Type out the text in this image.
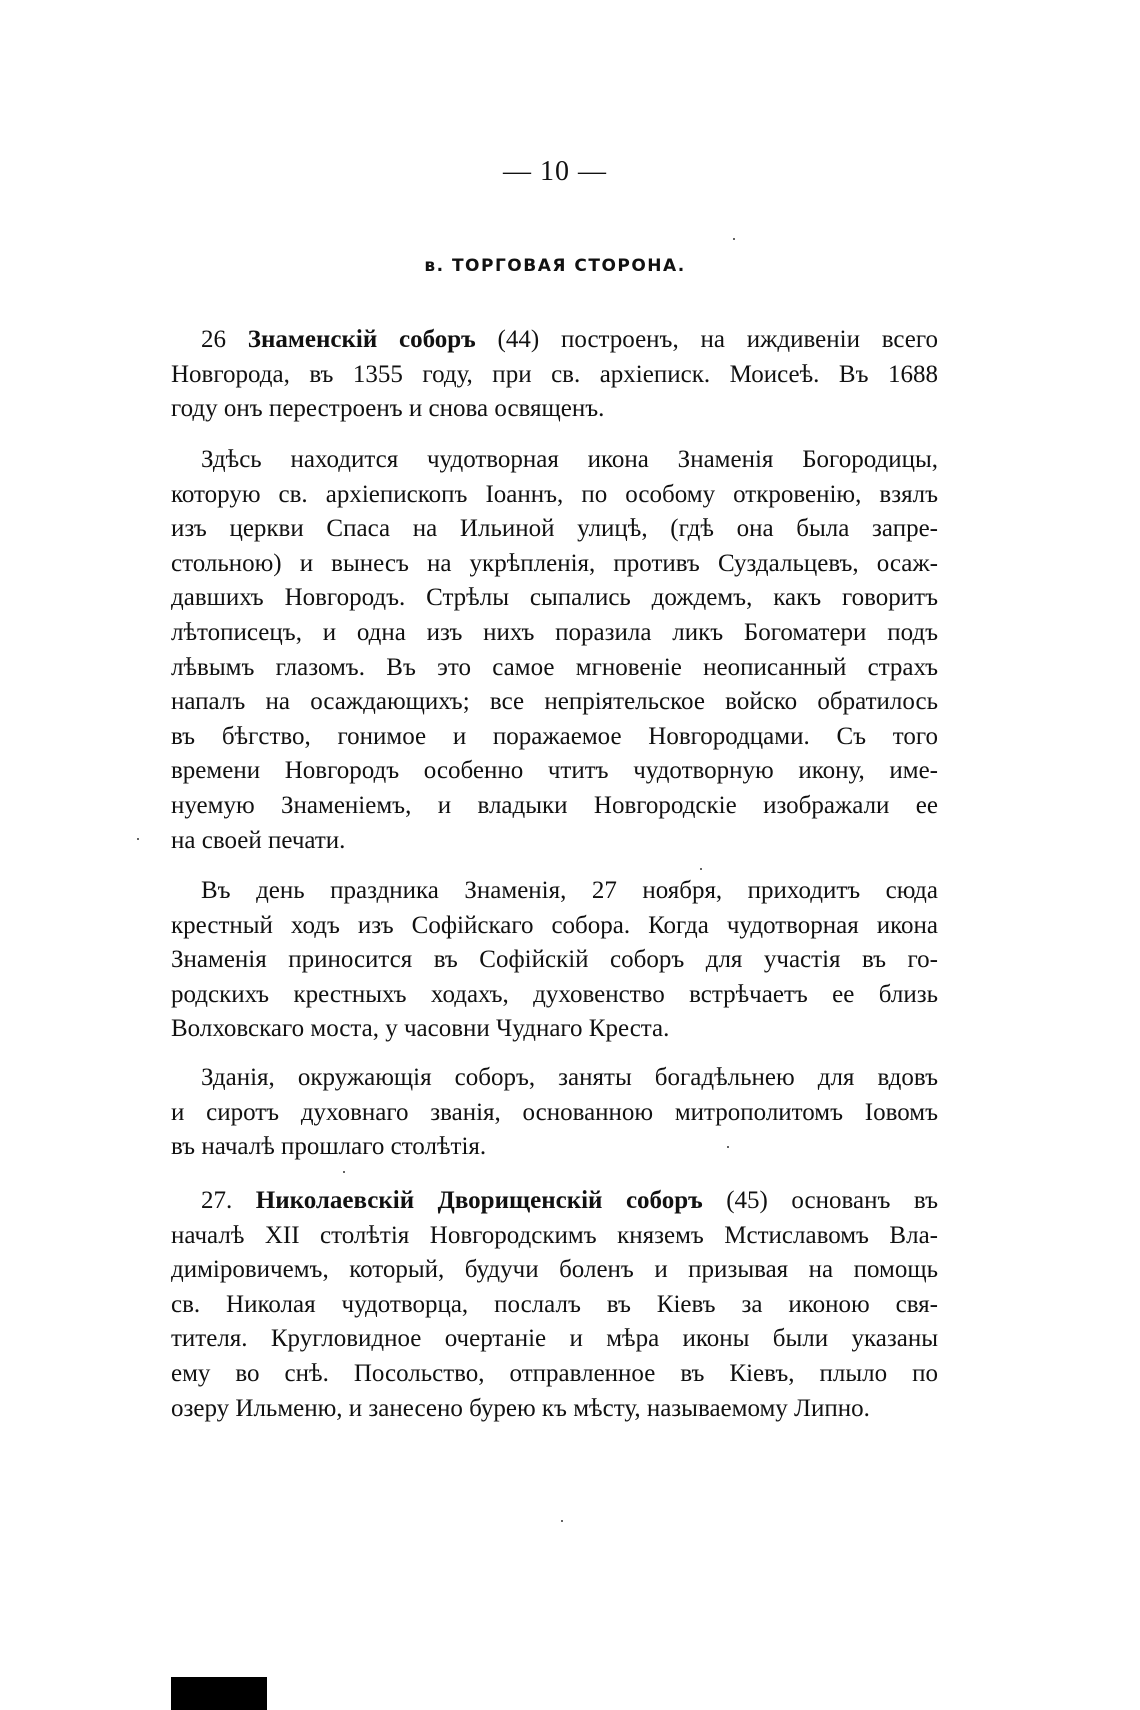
— 10 —
в. ТОРГОВАЯ СТОРОНА.
26 Знаменскій соборъ (44) построенъ, на иждивеніи всего
Новгорода, въ 1355 году, при св. архіеписк. Моисеѣ. Въ 1688
году онъ перестроенъ и снова освященъ.
Здѣсь находится чудотворная икона Знаменія Богородицы,
которую св. архіепископъ Іоаннъ, по особому откровенію, взялъ
изъ церкви Спаса на Ильиной улицѣ, (гдѣ она была запре-
стольною) и вынесъ на укрѣпленія, противъ Суздальцевъ, осаж-
давшихъ Новгородъ. Стрѣлы сыпались дождемъ, какъ говоритъ
лѣтописецъ, и одна изъ нихъ поразила ликъ Богоматери подъ
лѣвымъ глазомъ. Въ это самое мгновеніе неописанный страхъ
напалъ на осаждающихъ; все непріятельское войско обратилось
въ бѣгство, гонимое и поражаемое Новгородцами. Съ того
времени Новгородъ особенно чтитъ чудотворную икону, име-
нуемую Знаменіемъ, и владыки Новгородскіе изображали ее
на своей печати.
Въ день праздника Знаменія, 27 ноября, приходитъ сюда
крестный ходъ изъ Софійскаго собора. Когда чудотворная икона
Знаменія приносится въ Софійскій соборъ для участія въ го-
родскихъ крестныхъ ходахъ, духовенство встрѣчаетъ ее близь
Волховскаго моста, у часовни Чуднаго Креста.
Зданія, окружающія соборъ, заняты богадѣльнею для вдовъ
и сиротъ духовнаго званія, основанною митрополитомъ Іовомъ
въ началѣ прошлаго столѣтія.
27. Николаевскій Дворищенскій соборъ (45) основанъ въ
началѣ XII столѣтія Новгородскимъ княземъ Мстиславомъ Вла-
диміровичемъ, который, будучи боленъ и призывая на помощь
св. Николая чудотворца, послалъ въ Кіевъ за иконою свя-
тителя. Кругловидное очертаніе и мѣра иконы были указаны
ему во снѣ. Посольство, отправленное въ Кіевъ, плыло по
озеру Ильменю, и занесено бурею къ мѣсту, называемому Липно.
